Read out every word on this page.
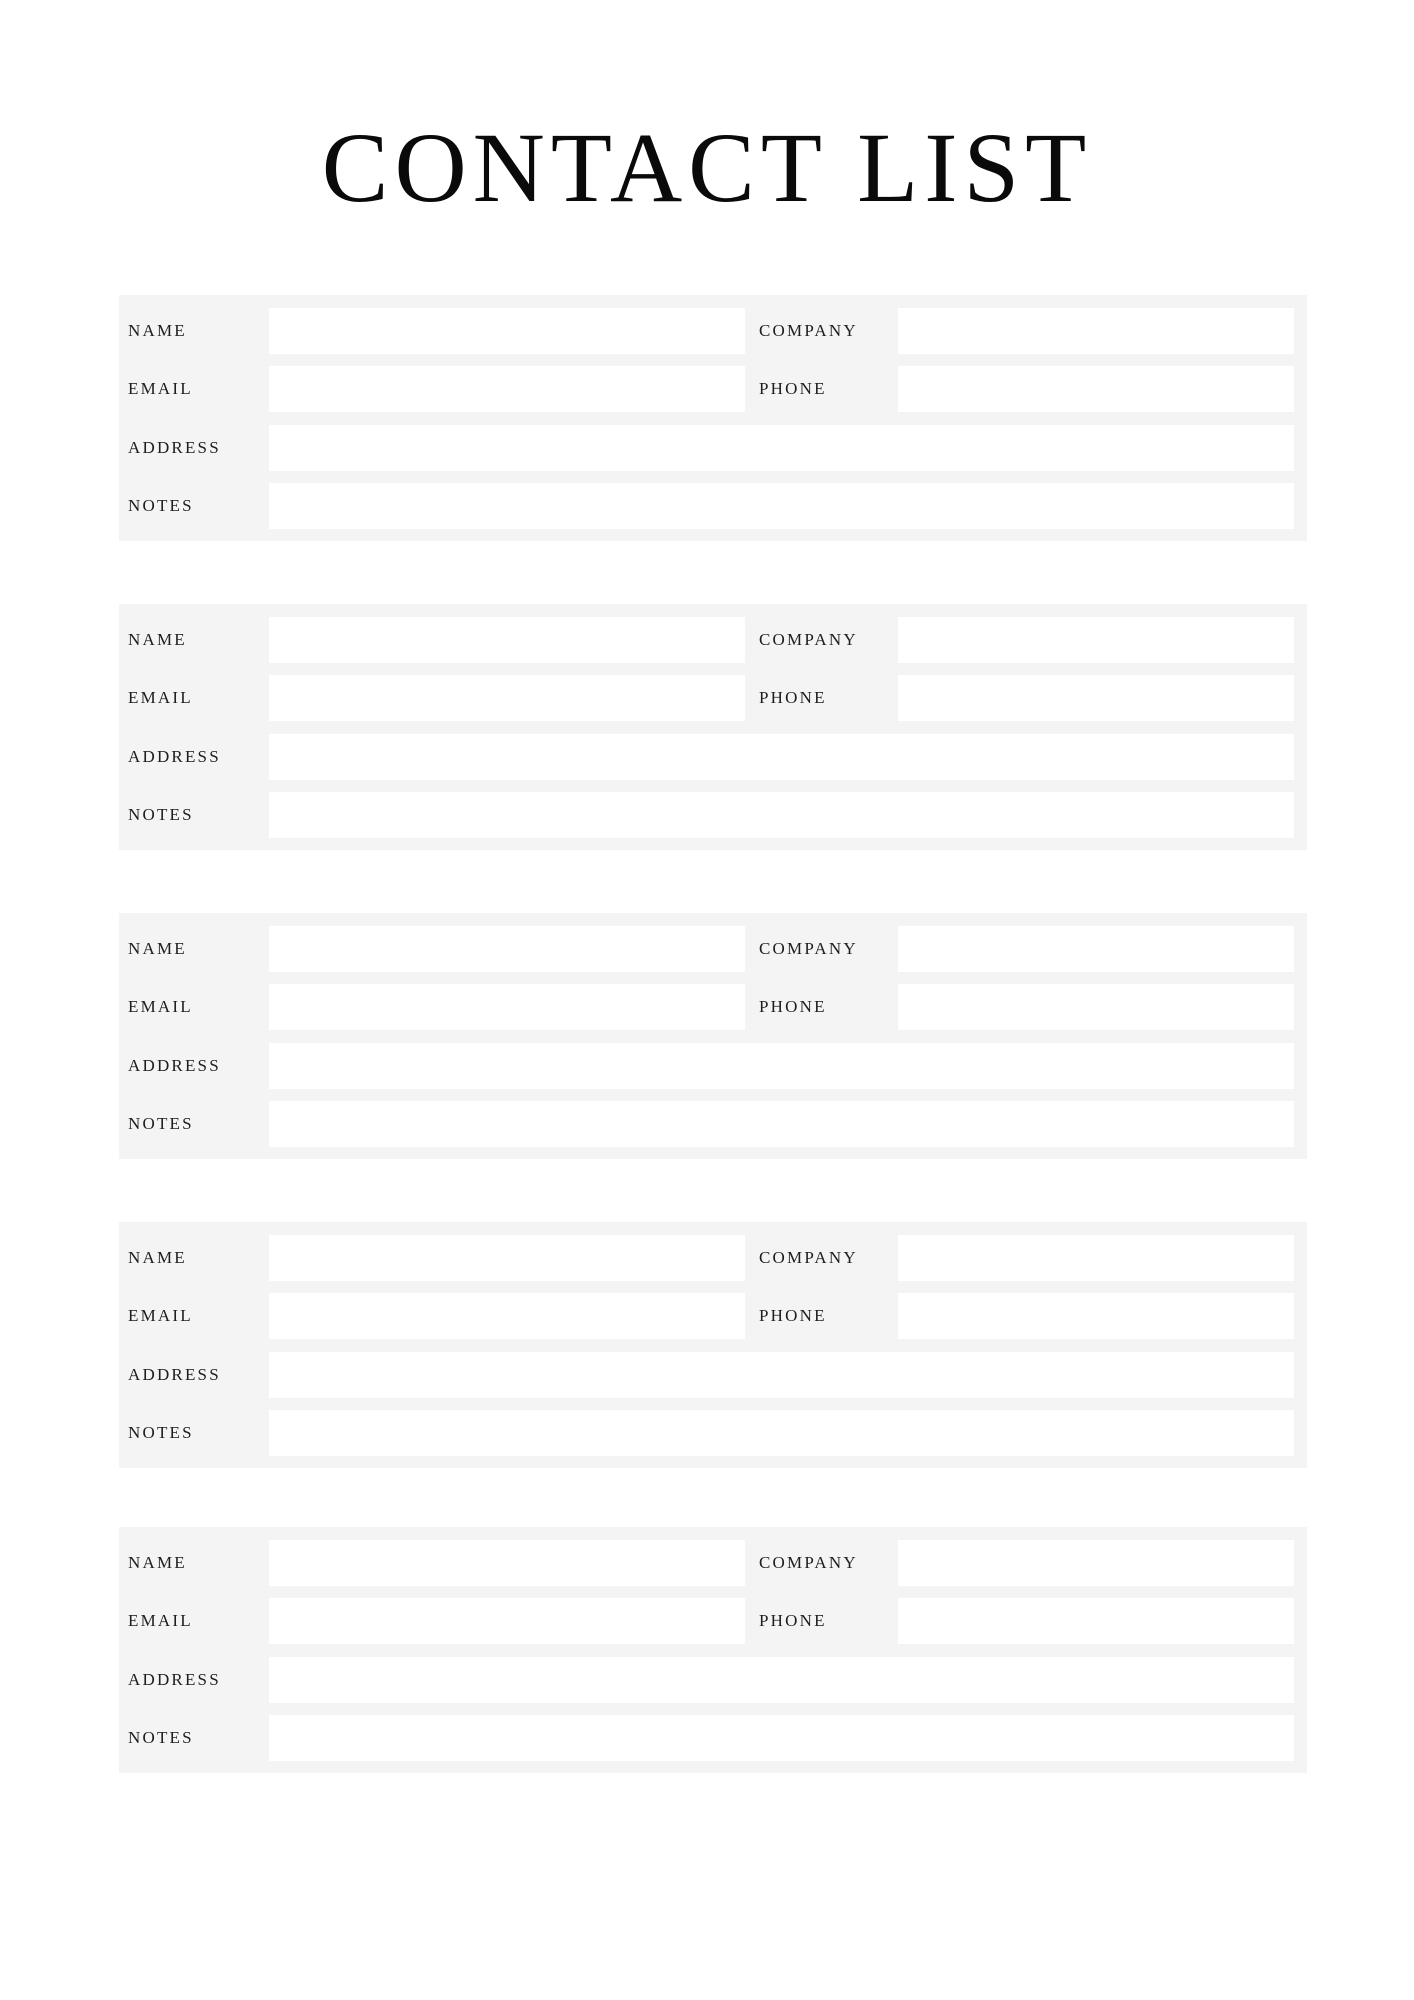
CONTACT LIST
NAME	COMPANY
EMAIL	PHONE
ADDRESS
NOTES
NAME	COMPANY
EMAIL	PHONE
ADDRESS
NOTES
NAME	COMPANY
EMAIL	PHONE
ADDRESS
NOTES
NAME	COMPANY
EMAIL	PHONE
ADDRESS
NOTES
NAME	COMPANY
EMAIL	PHONE
ADDRESS
NOTES
